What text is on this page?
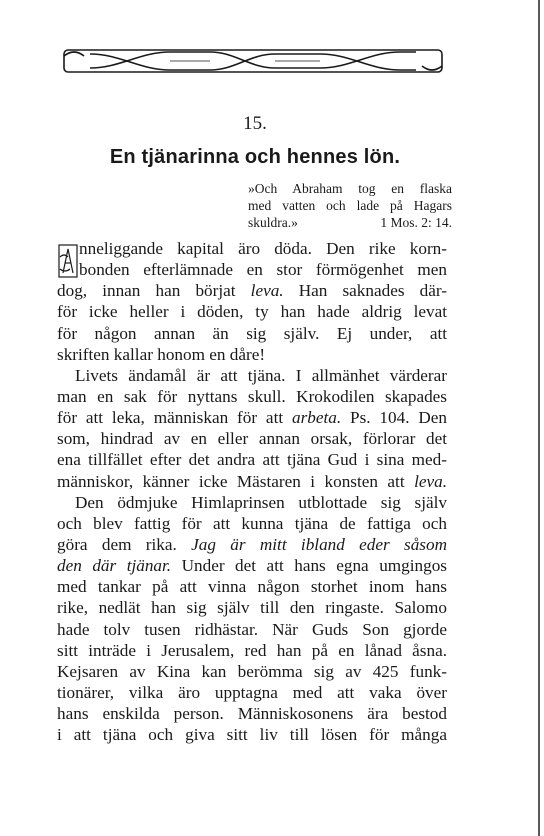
15.
En tjänarinna och hennes lön.
»Och Abraham tog en flaska
med vatten och lade på Hagars
skuldra.»	1 Mos. 2: 14.
nneliggande kapital äro döda. Den rike korn-
bonden efterlämnade en stor förmögenhet men
dog, innan han börjat leva. Han saknades där-
för icke heller i döden, ty han hade aldrig levat
för någon annan än sig själv. Ej under, att
skriften kallar honom en dåre!
Livets ändamål är att tjäna. I allmänhet värderar
man en sak för nyttans skull. Krokodilen skapades
för att leka, människan för att arbeta. Ps. 104. Den
som, hindrad av en eller annan orsak, förlorar det
ena tillfället efter det andra att tjäna Gud i sina med-
människor, känner icke Mästaren i konsten att leva.
Den ödmjuke Himlaprinsen utblottade sig själv
och blev fattig för att kunna tjäna de fattiga och
göra dem rika. Jag är mitt ibland eder såsom
den där tjänar. Under det att hans egna umgingos
med tankar på att vinna någon storhet inom hans
rike, nedlät han sig själv till den ringaste. Salomo
hade tolv tusen ridhästar. När Guds Son gjorde
sitt inträde i Jerusalem, red han på en lånad åsna.
Kejsaren av Kina kan berömma sig av 425 funk-
tionärer, vilka äro upptagna med att vaka över
hans enskilda person. Människosonens ära bestod
i att tjäna och giva sitt liv till lösen för många
